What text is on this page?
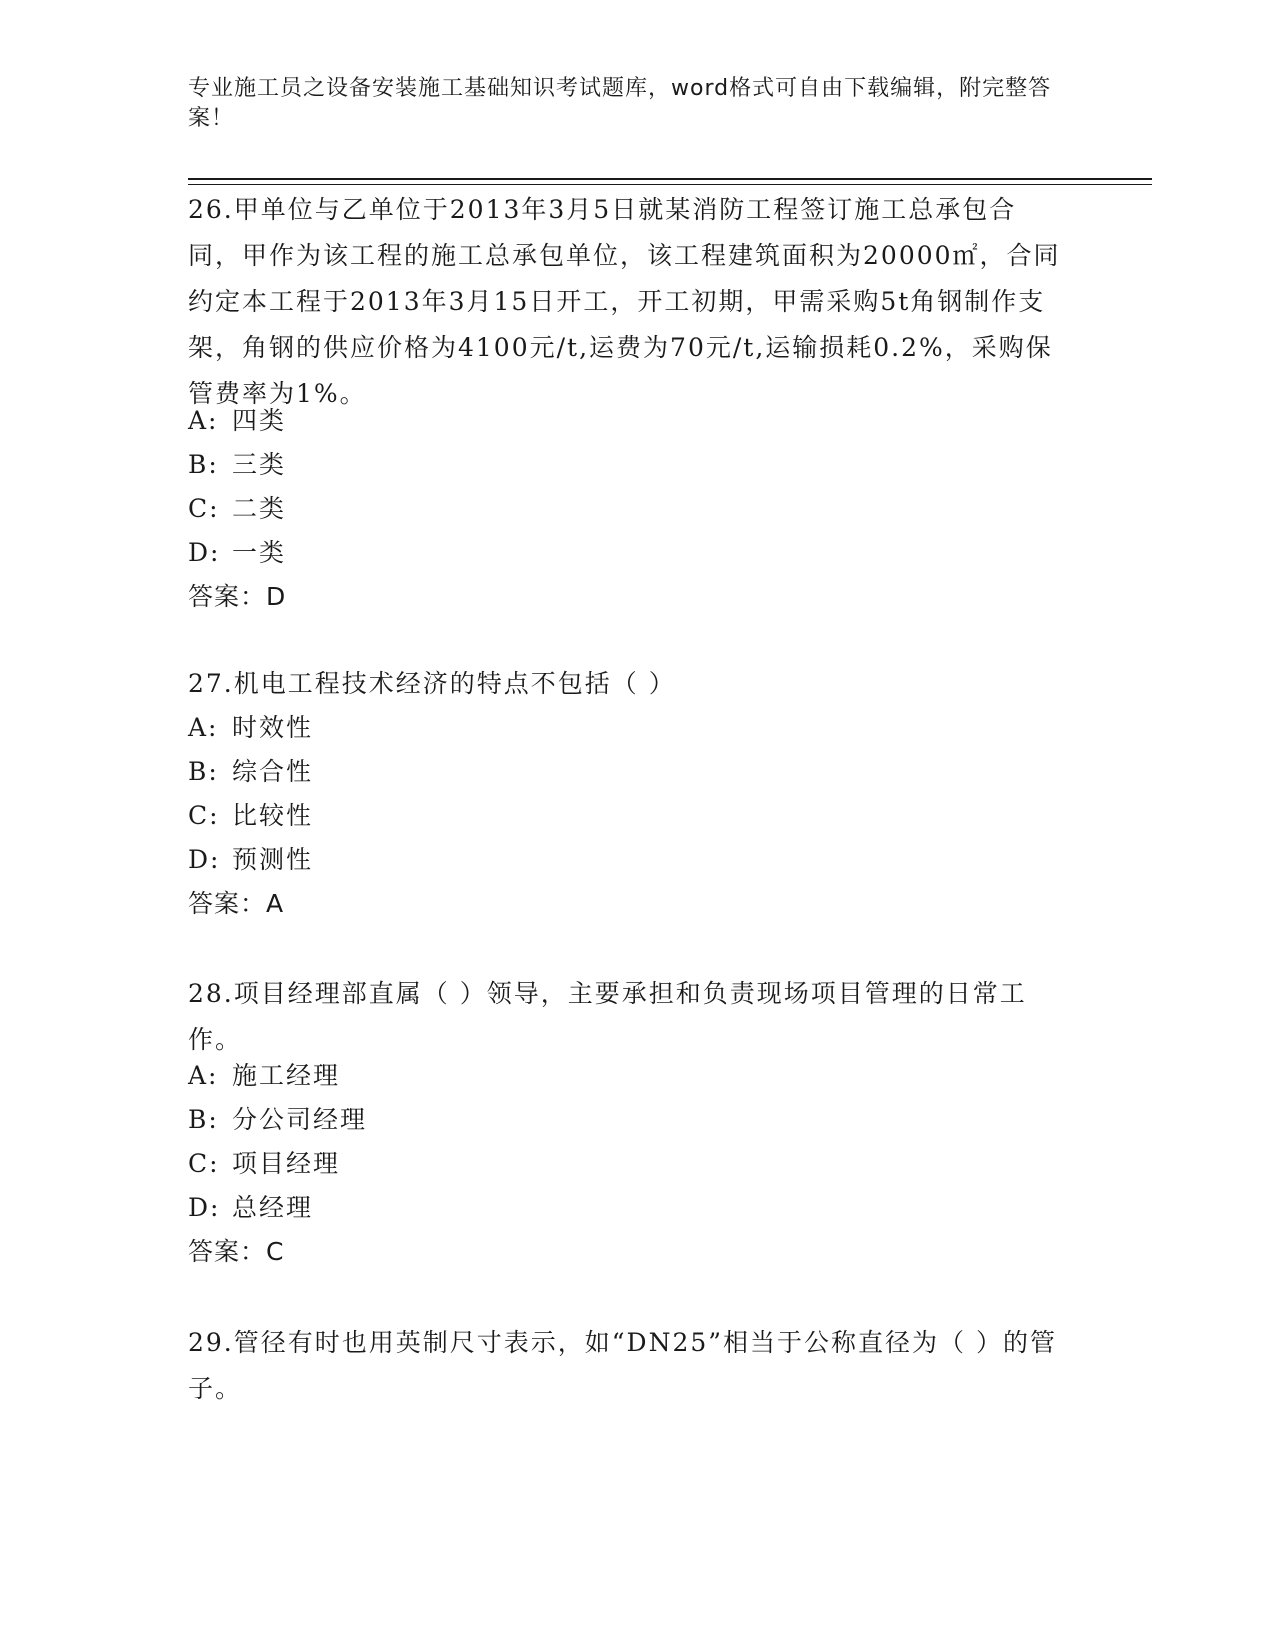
专业施工员之设备安装施工基础知识考试题库，word格式可自由下载编辑，附完整答案！
26.甲单位与乙单位于2013年3月5日就某消防工程签订施工总承包合同，甲作为该工程的施工总承包单位，该工程建筑面积为20000㎡，合同约定本工程于2013年3月15日开工，开工初期，甲需采购5t角钢制作支架，角钢的供应价格为4100元/t,运费为70元/t,运输损耗0.2%，采购保管费率为1%。
A: 四类
B: 三类
C: 二类
D: 一类
答案：D
27.机电工程技术经济的特点不包括（ ）
A: 时效性
B: 综合性
C: 比较性
D: 预测性
答案：A
28.项目经理部直属（ ）领导，主要承担和负责现场项目管理的日常工作。
A: 施工经理
B: 分公司经理
C: 项目经理
D: 总经理
答案：C
29.管径有时也用英制尺寸表示，如“DN25”相当于公称直径为（ ）的管子。
